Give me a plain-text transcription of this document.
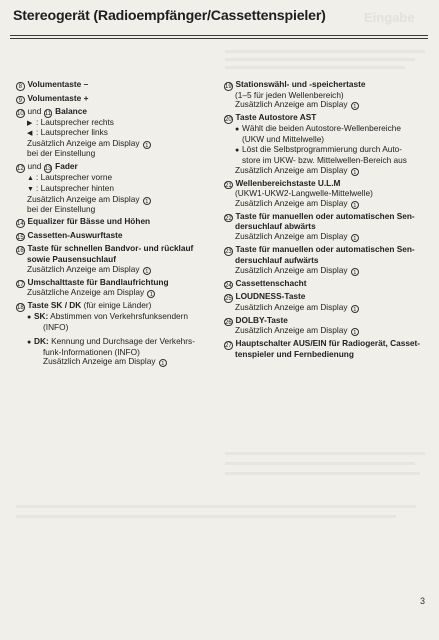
Stereogerät (Radioempfänger/Cassettenspieler)	Eingabe
8 Volumentaste –
9 Volumentaste +
10 und 11 Balance
▶ : Lautsprecher rechts
◀ : Lautsprecher links
Zusätzlich Anzeige am Display 1
bei der Einstellung
12 und 13 Fader
▲ : Lautsprecher vorne
▼ : Lautsprecher hinten
Zusätzlich Anzeige am Display 1
bei der Einstellung
14 Equalizer für Bässe und Höhen
15 Cassetten-Auswurftaste
16 Taste für schnellen Bandvor- und rücklauf
sowie Pausensuchlauf
Zusätzlich Anzeige am Display 1
17 Umschalttaste für Bandlaufrichtung
Zusätzliche Anzeige am Display 1
18 Taste SK / DK (für einige Länder)
● SK: Abstimmen von Verkehrsfunksendern
(INFO)
● DK: Kennung und Durchsage der Verkehrs-
funk-Informationen (INFO)
Zusätzlich Anzeige am Display 1
19 Stationswähl- und -speichertaste
(1–5 für jeden Wellenbereich)
Zusätzlich Anzeige am Display 1
20 Taste Autostore AST
● Wählt die beiden Autostore-Wellenbereiche
(UKW und Mittelwelle)
● Löst die Selbstprogrammierung durch Auto-
store im UKW- bzw. Mittelwellen-Bereich aus
Zusätzlich Anzeige am Display 1
21 Wellenbereichstaste U.L.M
(UKW1-UKW2-Langwelle-Mittelwelle)
Zusätzlich Anzeige am Display 1
22 Taste für manuellen oder automatischen Sen-
dersuchlauf abwärts
Zusätzlich Anzeige am Display 1
23 Taste für manuellen oder automatischen Sen-
dersuchlauf aufwärts
Zusätzlich Anzeige am Display 1
24 Cassettenschacht
25 LOUDNESS-Taste
Zusätzlich Anzeige am Display 1
26 DOLBY-Taste
Zusätzlich Anzeige am Display 1
27 Hauptschalter AUS/EIN für Radiogerät, Casset-
tenspieler und Fernbedienung
3
